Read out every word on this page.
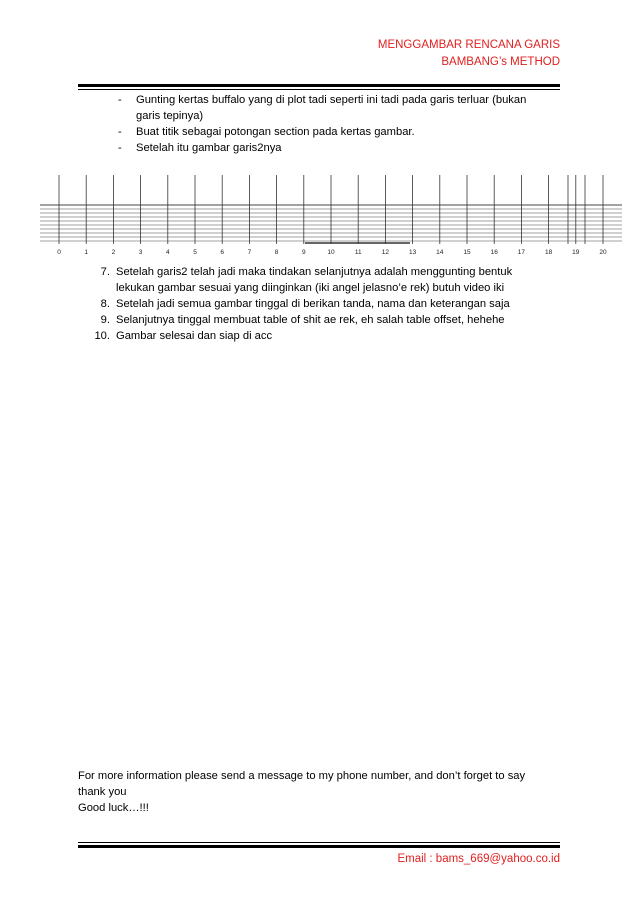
MENGGAMBAR RENCANA GARIS
BAMBANG’s METHOD
- Gunting kertas buffalo yang di plot tadi seperti ini tadi pada garis terluar (bukan
garis tepinya)
- Buat titik sebagai potongan section pada kertas gambar.
- Setelah itu gambar garis2nya
0	1	2	3	4	5	6	7	8	9	10	11	12	13	14	15	16	17	18	19	20
7. Setelah garis2 telah jadi maka tindakan selanjutnya adalah menggunting bentuk
lekukan gambar sesuai yang diinginkan (iki angel jelasno’e rek) butuh video iki
8. Setelah jadi semua gambar tinggal di berikan tanda, nama dan keterangan saja
9. Selanjutnya tinggal membuat table of shit ae rek, eh salah table offset, hehehe
10. Gambar selesai dan siap di acc
For more information please send a message to my phone number, and don’t forget to say
thank you
Good luck…!!!
Email : bams_669@yahoo.co.id
